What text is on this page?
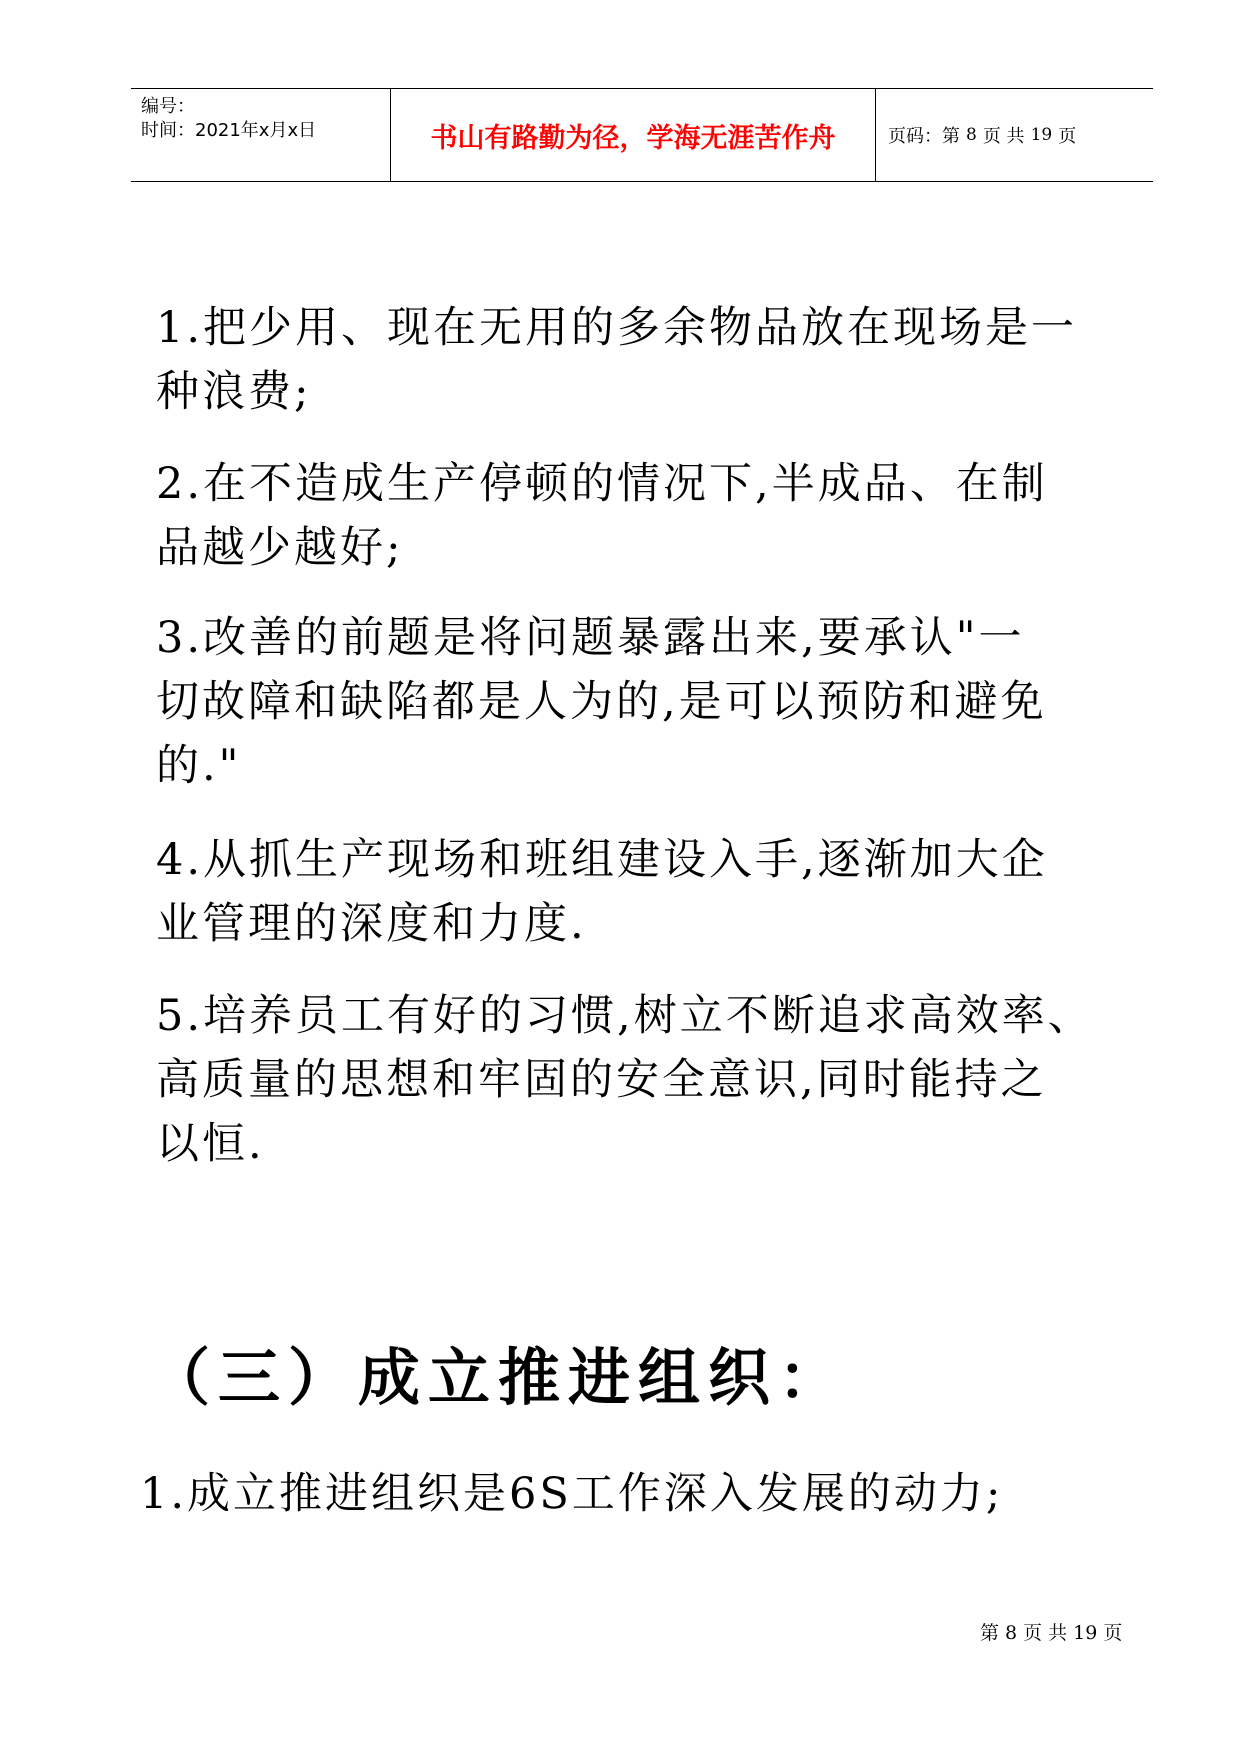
编号：
时间：2021年x月x日	书山有路勤为径，学海无涯苦作舟	页码：第 8 页 共 19 页
1.把少用、现在无用的多余物品放在现场是一
种浪费;
2.在不造成生产停顿的情况下,半成品、在制
品越少越好;
3.改善的前题是将问题暴露出来,要承认"一
切故障和缺陷都是人为的,是可以预防和避免
的."
4.从抓生产现场和班组建设入手,逐渐加大企
业管理的深度和力度.
5.培养员工有好的习惯,树立不断追求高效率、
高质量的思想和牢固的安全意识,同时能持之
以恒.
（三）成立推进组织：
1.成立推进组织是6S工作深入发展的动力;
第 8 页 共 19 页
